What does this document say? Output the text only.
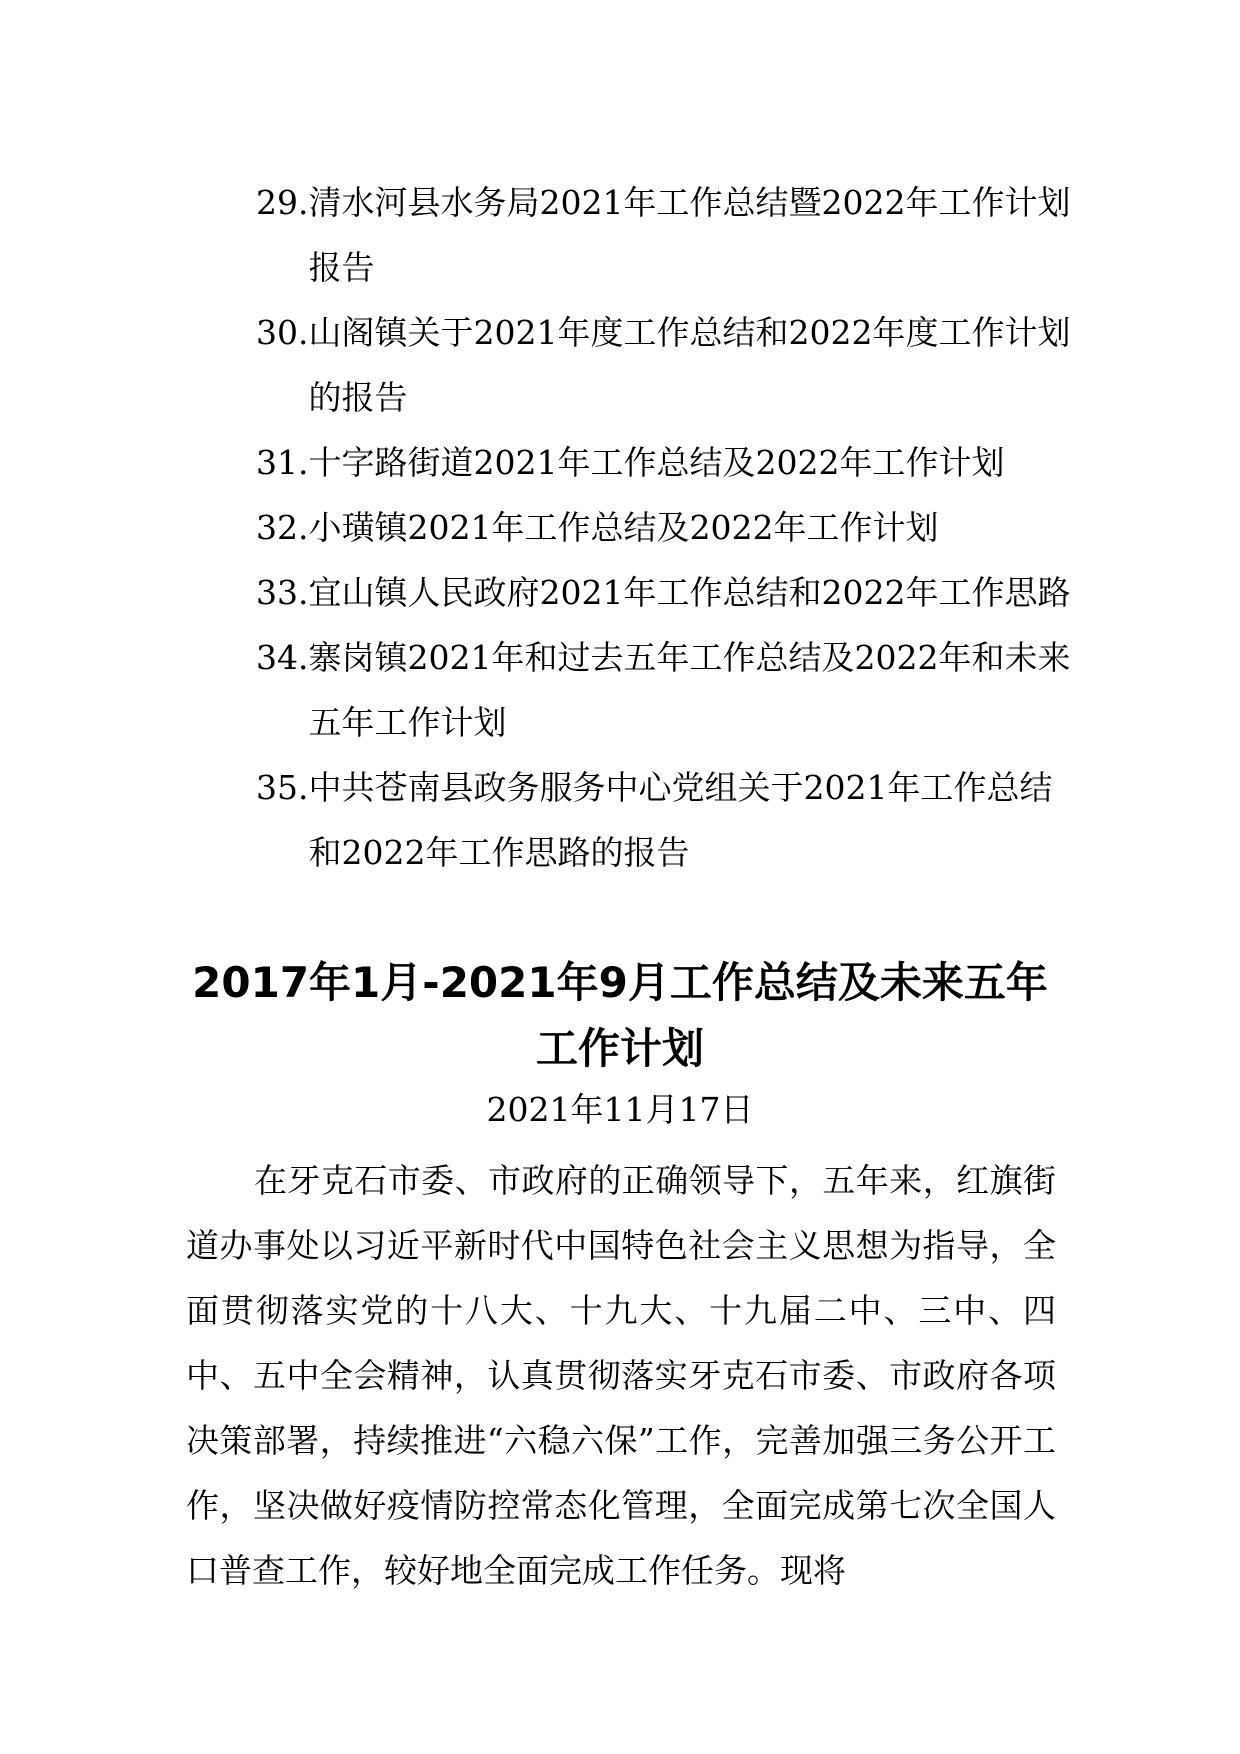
29. 清水河县水务局2021年工作总结暨2022年工作计划报告
30. 山阁镇关于2021年度工作总结和2022年度工作计划的报告
31. 十字路街道2021年工作总结及2022年工作计划
32. 小璜镇2021年工作总结及2022年工作计划
33. 宜山镇人民政府2021年工作总结和2022年工作思路
34. 寨岗镇2021年和过去五年工作总结及2022年和未来五年工作计划
35. 中共苍南县政务服务中心党组关于2021年工作总结和2022年工作思路的报告
2017年1月-2021年9月工作总结及未来五年工作计划
2021年11月17日
在牙克石市委、市政府的正确领导下，五年来，红旗街道办事处以习近平新时代中国特色社会主义思想为指导，全面贯彻落实党的十八大、十九大、十九届二中、三中、四中、五中全会精神，认真贯彻落实牙克石市委、市政府各项决策部署，持续推进“六稳六保”工作，完善加强三务公开工作，坚决做好疫情防控常态化管理，全面完成第七次全国人口普查工作，较好地全面完成工作任务。现将
